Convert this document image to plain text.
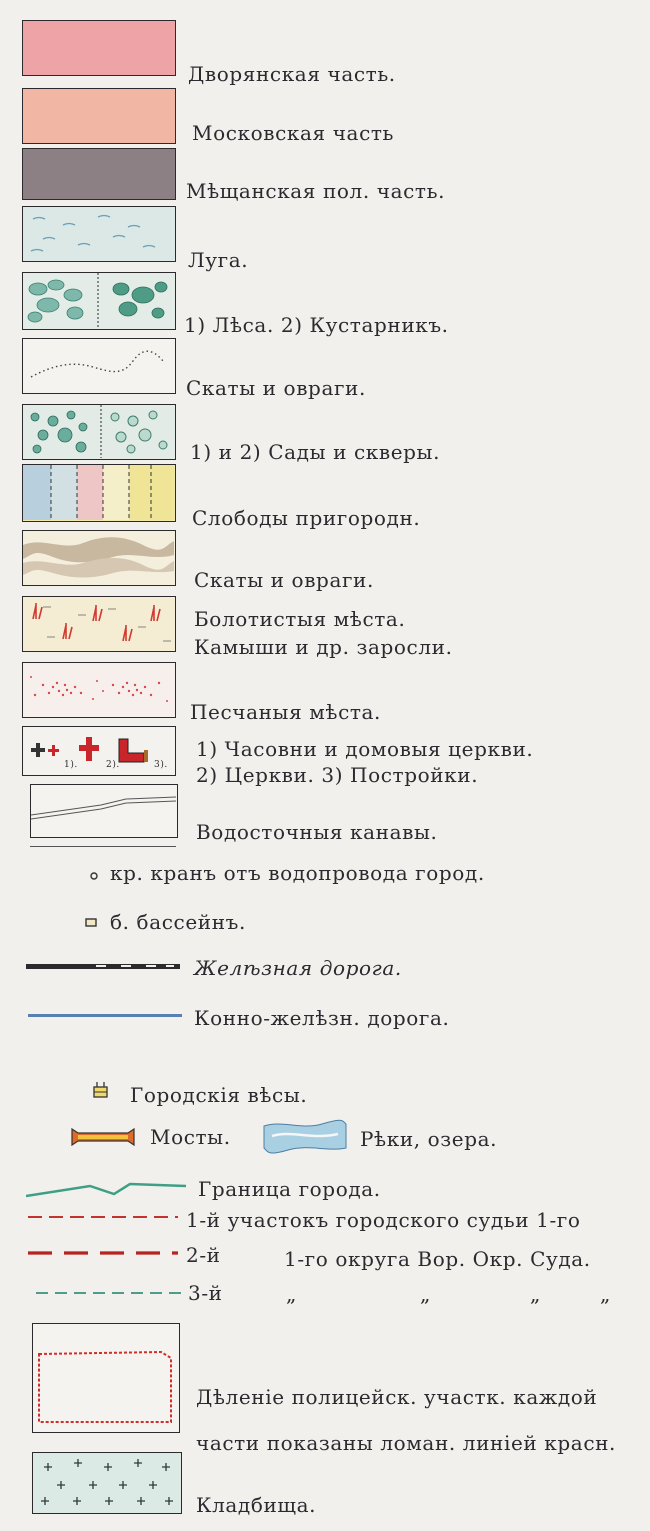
Дворянская часть.
Московская часть
Мѣщанская пол. часть.
Луга.
1) Лѣса. 2) Кустарникъ.
Скаты и овраги.
1) и 2) Сады и скверы.
Слободы пригородн.
Скаты и овраги.
Болотистыя мѣста.
Камыши и др. заросли.
Песчаныя мѣста.
1).	2).	3).
1) Часовни и домовыя церкви.
2) Церкви. 3) Постройки.
Водосточныя канавы.
кр. кранъ отъ водопровода город.
б. бассейнъ.
Желѣзная дорога.
Конно-желѣзн. дорога.
Городскія вѣсы.
Мосты.	Рѣки, озера.
Граница города.
1-й участокъ городского судьи 1-го
2-й	1-го округа Вор. Окр. Суда.
3-й	„	„	„	„
Дѣленіе полицейск. участк. каждой
части показаны ломан. линіей красн.
Кладбища.
